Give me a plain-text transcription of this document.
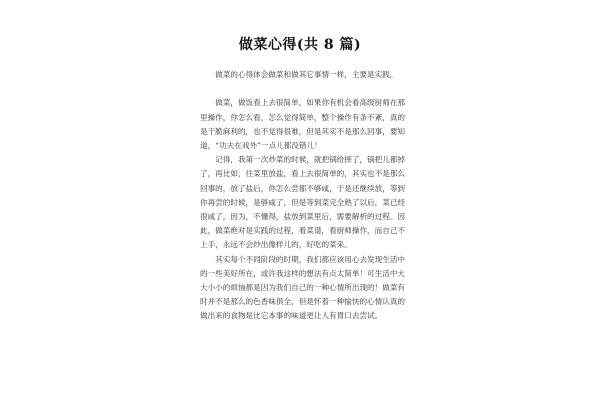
做菜心得(共 8 篇)

做菜的心得体会做菜和做其它事情一样，主要是实践。

做菜，做饭看上去很简单，如果你有机会看高级厨师在那里操作，你怎么看，怎么觉得简单，整个操作有条不紊，真的是干脆麻利的，也不觉得很难，但是其实不是那么回事，要知道，“功夫在戏外”一点儿都没错儿！

记得，我第一次炒菜的时候，就把锅给摔了，锅把儿都掉了，再比如，往菜里放盐，看上去很简单的，其实也不是那么回事的，放了盐后，你怎么尝都不够咸，于是还继续放，等到你再尝的时候，是够咸了，但是等到菜完全熟了以后，菜已经很咸了，因为，不懂得，盐放到菜里后，需要解析的过程。因此，做菜绝对是实践的过程，看菜谱，看厨师操作，而自己不上手，永远不会炒出像样儿的，好吃的菜来。

其实每个不同阶段的时期，我们都应该用心去发现生活中的一些美好所在，或许我这样的想法有点太简单！可生活中大大小小的烦恼都是因为我们自己的一种心情所出现的！做菜有时并不是那么的色香味俱全，但是怀着一种愉快的心情认真的做出来的食物是比它本事的味道更让人有胃口去尝试。
